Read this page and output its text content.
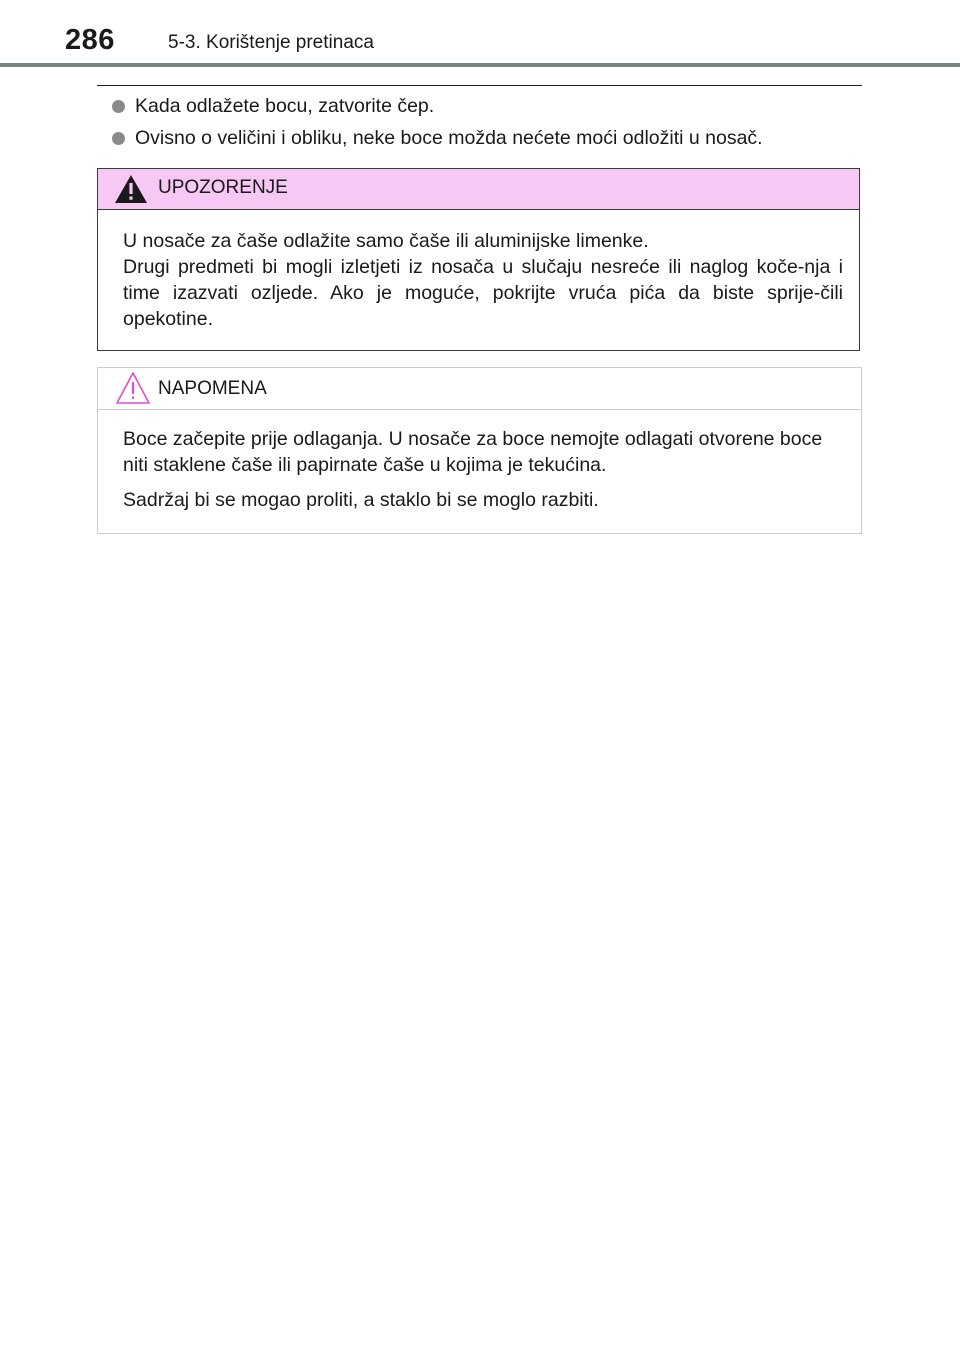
286	5-3. Korištenje pretinaca
Kada odlažete bocu, zatvorite čep.
Ovisno o veličini i obliku, neke boce možda nećete moći odložiti u nosač.
UPOZORENJE

U nosače za čaše odlažite samo čaše ili aluminijske limenke.

Drugi predmeti bi mogli izletjeti iz nosača u slučaju nesreće ili naglog koče-nja i time izazvati ozljede. Ako je moguće, pokrijte vruća pića da biste sprije-čili opekotine.

NAPOMENA

Boce začepite prije odlaganja. U nosače za boce nemojte odlagati otvorene boce niti staklene čaše ili papirnate čaše u kojima je tekućina.

Sadržaj bi se mogao proliti, a staklo bi se moglo razbiti.
